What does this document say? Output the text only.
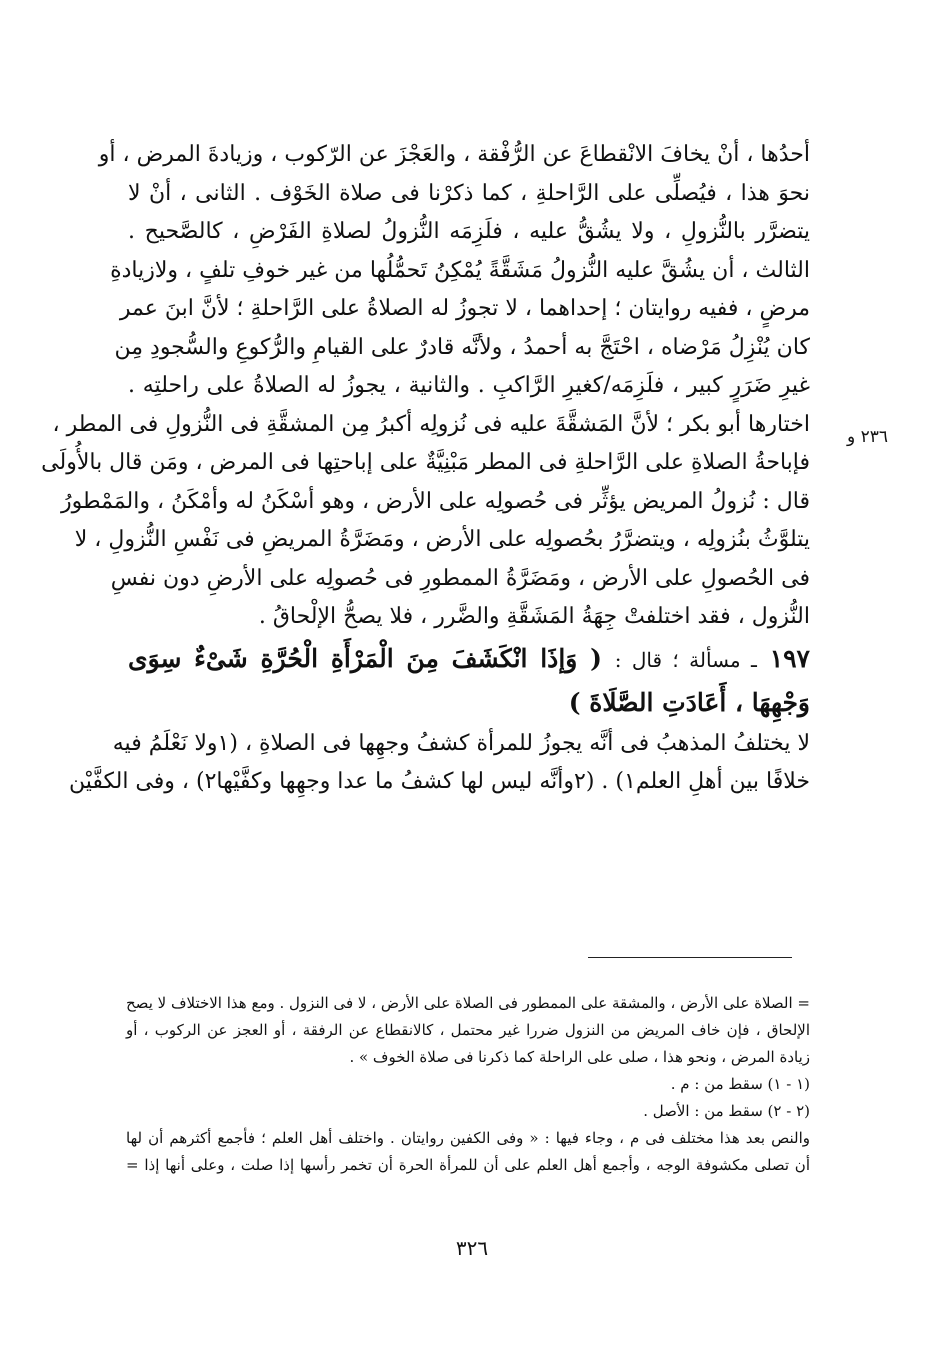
أحدُها ، أنْ يخافَ الانْقطاعَ عن الرُّفْقة ، والعَجْزَ عن الرّكوب ، وزيادةَ المرض ، أو
نحوَ هذا ، فيُصلِّى على الرَّاحلةِ ، كما ذكرْنا فى صلاة الخَوْف . الثانى ، أنْ لا
يتضرَّر بالنُّزولِ ، ولا يشُقُّ عليه ، فلَزِمَه النُّزولُ لصلاةِ الفَرْضِ ، كالصَّحيح .
الثالث ، أن يشُقَّ عليه النُّزولُ مَشَقَّةً يُمْكِنُ تَحمُّلُها من غير خوفِ تلفٍ ، ولازيادةِ
مرضٍ ، ففيه روايتان ؛ إحداهما ، لا تجوزُ له الصلاةُ على الرَّاحلةِ ؛ لأنَّ ابنَ عمر
كان يُنْزِلُ مَرْضاه ، احْتَجَّ به أحمدُ ، ولأنَّه قادرٌ على القيامِ والرُّكوعِ والسُّجودِ مِن
غيرِ ضَرَرٍ كبير ، فلَزِمَه/كغيرِ الرَّاكبِ . والثانية ، يجوزُ له الصلاةُ على راحلتِه .
اختارها أبو بكر ؛ لأنَّ المَشقَّةَ عليه فى نُزولِه أكبرُ مِن المشقَّةِ فى النُّزولِ فى المطر ،
فإباحةُ الصلاةِ على الرَّاحلةِ فى المطر مَبْنِيَّةٌ على إباحتِها فى المرض ، ومَن قال بالأُولَى
قال : نُزولُ المريض يؤثِّر فى حُصولِه على الأرض ، وهو أسْكَنُ له وأمْكَنُ ، والمَمْطورُ
يتلوَّثُ بنُزولِه ، ويتضرَّرُ بحُصولِه على الأرض ، ومَضَرَّةُ المريضِ فى نَفْسِ النُّزولِ ، لا
فى الحُصولِ على الأرض ، ومَضَرَّةُ الممطورِ فى حُصولِه على الأرضِ دون نفسِ
النُّزول ، فقد اختلفتْ جِهَةُ المَشَقَّةِ والضَّرر ، فلا يصحُّ الإلْحاقُ .
١٩٧ ـ مسألة ؛ قال : ( وَإذَا انْكَشَفَ مِنَ الْمَرْأَةِ الْحُرَّةِ شَىْءٌ سِوَى
وَجْهِهَا ، أَعَادَتِ الصَّلَاةَ )
لا يختلفُ المذهبُ فى أنَّه يجوزُ للمرأة كشفُ وجهِها فى الصلاةِ ، (١ولا نَعْلَمُ فيه
خلافًا بين أهلِ العلم١) . (٢وأنَّه ليس لها كشفُ ما عدا وجهِها وكفَّيْها٢) ، وفى الكفَّيْن
٢٣٦ و
= الصلاة على الأرض ، والمشقة على الممطور فى الصلاة على الأرض ، لا فى النزول . ومع هذا الاختلاف لا يصح
الإلحاق ، فإن خاف المريض من النزول ضررا غير محتمل ، كالانقطاع عن الرفقة ، أو العجز عن الركوب ، أو
زيادة المرض ، ونحو هذا ، صلى على الراحلة كما ذكرنا فى صلاة الخوف » .
(١ - ١) سقط من : م .
(٢ - ٢) سقط من : الأصل .
والنص بعد هذا مختلف فى م ، وجاء فيها : « وفى الكفين روايتان . واختلف أهل العلم ؛ فأجمع أكثرهم أن لها
أن تصلى مكشوفة الوجه ، وأجمع أهل العلم على أن للمرأة الحرة أن تخمر رأسها إذا صلت ، وعلى أنها إذا =
٣٢٦
